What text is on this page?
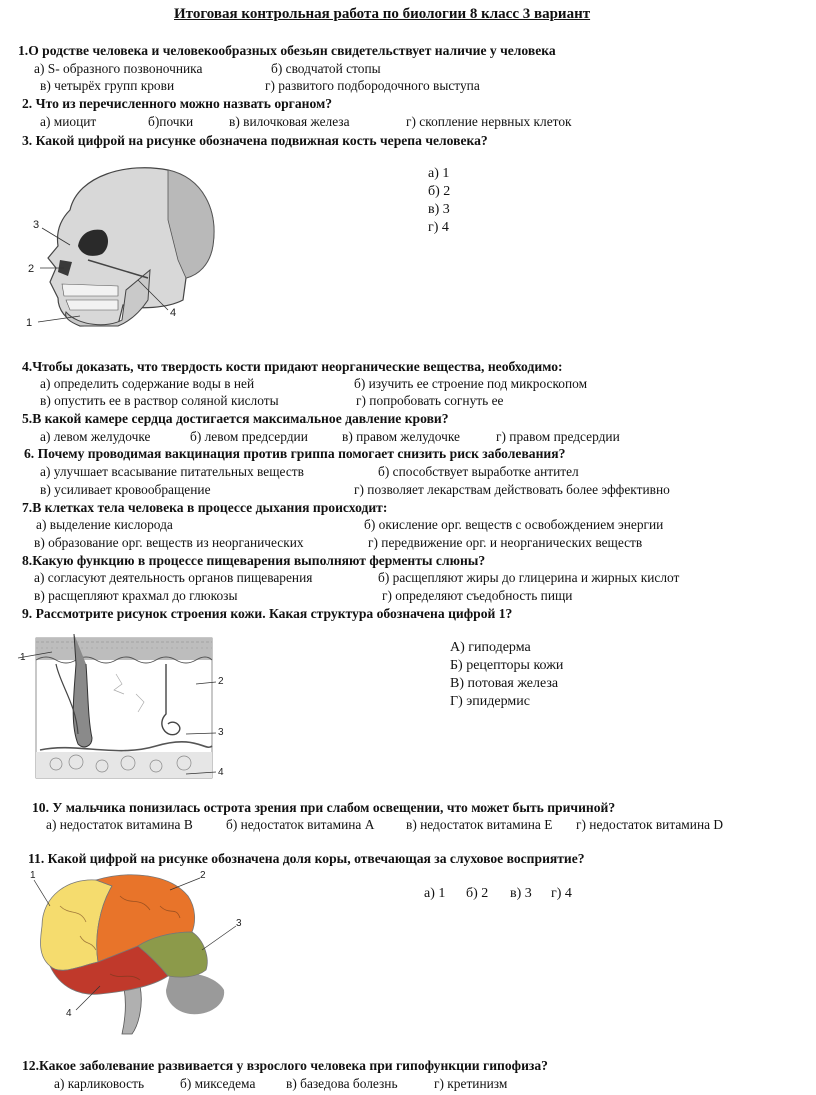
Итоговая контрольная работа по биологии 8 класс 3 вариант
1.О родстве человека и человекообразных обезьян свидетельствует наличие у человека
а) S- образного позвоночника	б) сводчатой стопы
в) четырёх групп крови	г) развитого подбородочного выступа
2. Что из перечисленного можно назвать органом?
а) миоцит	б)почки	в) вилочковая железа	г) скопление нервных клеток
3. Какой цифрой на рисунке обозначена подвижная кость черепа человека?
а) 1
б) 2
в) 3
г) 4
3
2
1
4
4.Чтобы доказать, что твердость кости придают неорганические вещества, необходимо:
а) определить содержание воды в ней	б) изучить ее строение под микроскопом
в) опустить ее в раствор соляной кислоты	г) попробовать согнуть ее
5.В какой камере сердца достигается максимальное давление крови?
а) левом желудочке	б) левом предсердии	в) правом желудочке	г) правом предсердии
6. Почему проводимая вакцинация против гриппа помогает снизить риск заболевания?
а) улучшает всасывание питательных веществ	б) способствует выработке антител
в) усиливает кровообращение	г) позволяет лекарствам действовать более эффективно
7.В клетках тела человека в процессе дыхания происходит:
а) выделение кислорода	б) окисление орг. веществ с освобождением энергии
в) образование орг. веществ из неорганических	г) передвижение орг. и неорганических веществ
8.Какую функцию в процессе пищеварения выполняют ферменты слюны?
а) согласуют деятельность органов пищеварения	б) расщепляют жиры до глицерина и жирных кислот
в) расщепляют крахмал до глюкозы	г) определяют съедобность пищи
9. Рассмотрите рисунок строения кожи. Какая структура обозначена цифрой 1?
А) гиподерма
Б) рецепторы кожи
В) потовая железа
Г) эпидермис
1
2
3
4
10. У мальчика понизилась острота зрения при слабом освещении, что может быть причиной?
а) недостаток витамина В б) недостаток витамина А в) недостаток витамина Е г) недостаток витамина D
11. Какой цифрой на рисунке обозначена доля коры, отвечающая за слуховое восприятие?
а) 1 б) 2 в) 3 г) 4
1	2
3
4
12.Какое заболевание развивается у взрослого человека при гипофункции гипофиза?
а) карликовость	б) микседема в) базедова болезнь	г) кретинизм
